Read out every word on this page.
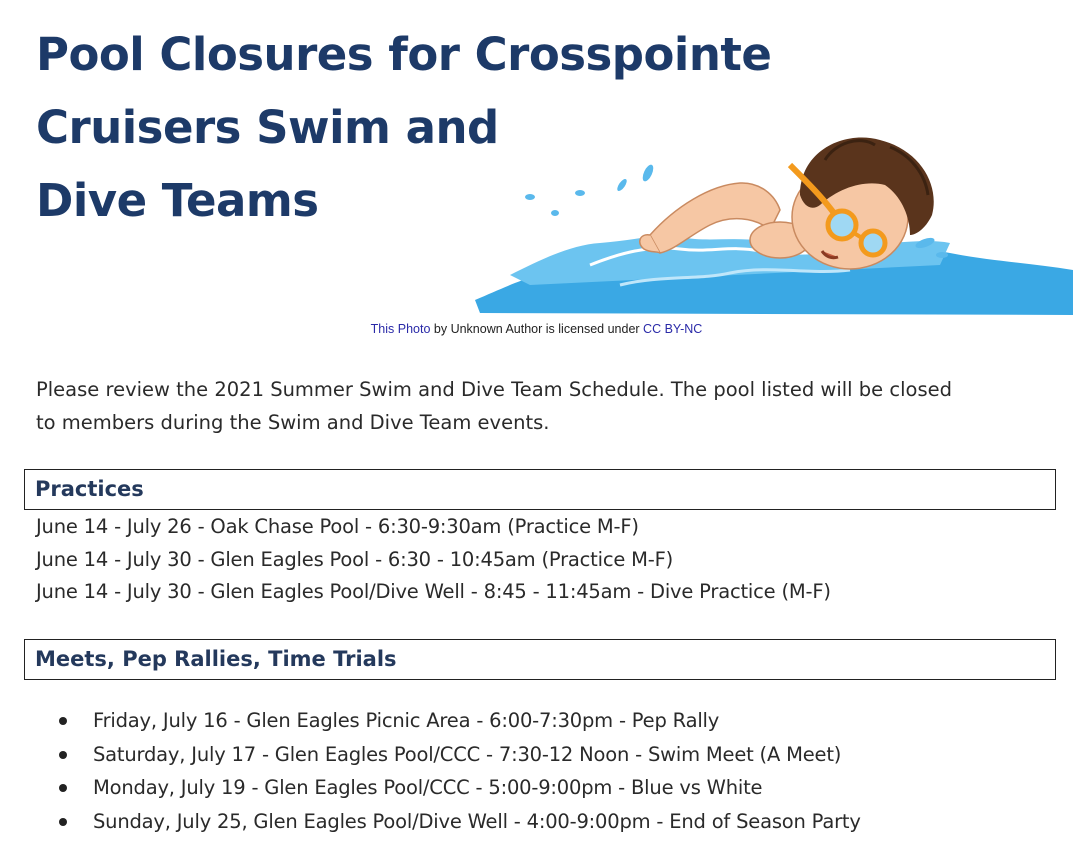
Pool Closures for Crosspointe
Cruisers Swim and
Dive Teams
This Photo by Unknown Author is licensed under CC BY-NC

Please review the 2021 Summer Swim and Dive Team Schedule. The pool listed will be closed
to members during the Swim and Dive Team events.

Practices
June 14 - July 26 - Oak Chase Pool - 6:30-9:30am (Practice M-F)
June 14 - July 30 - Glen Eagles Pool - 6:30 - 10:45am (Practice M-F)
June 14 - July 30 - Glen Eagles Pool/Dive Well - 8:45 - 11:45am - Dive Practice (M-F)
Meets, Pep Rallies, Time Trials
Friday, July 16 - Glen Eagles Picnic Area - 6:00-7:30pm - Pep Rally
Saturday, July 17 - Glen Eagles Pool/CCC - 7:30-12 Noon - Swim Meet (A Meet)
Monday, July 19 - Glen Eagles Pool/CCC - 5:00-9:00pm - Blue vs White
Sunday, July 25, Glen Eagles Pool/Dive Well - 4:00-9:00pm - End of Season Party
